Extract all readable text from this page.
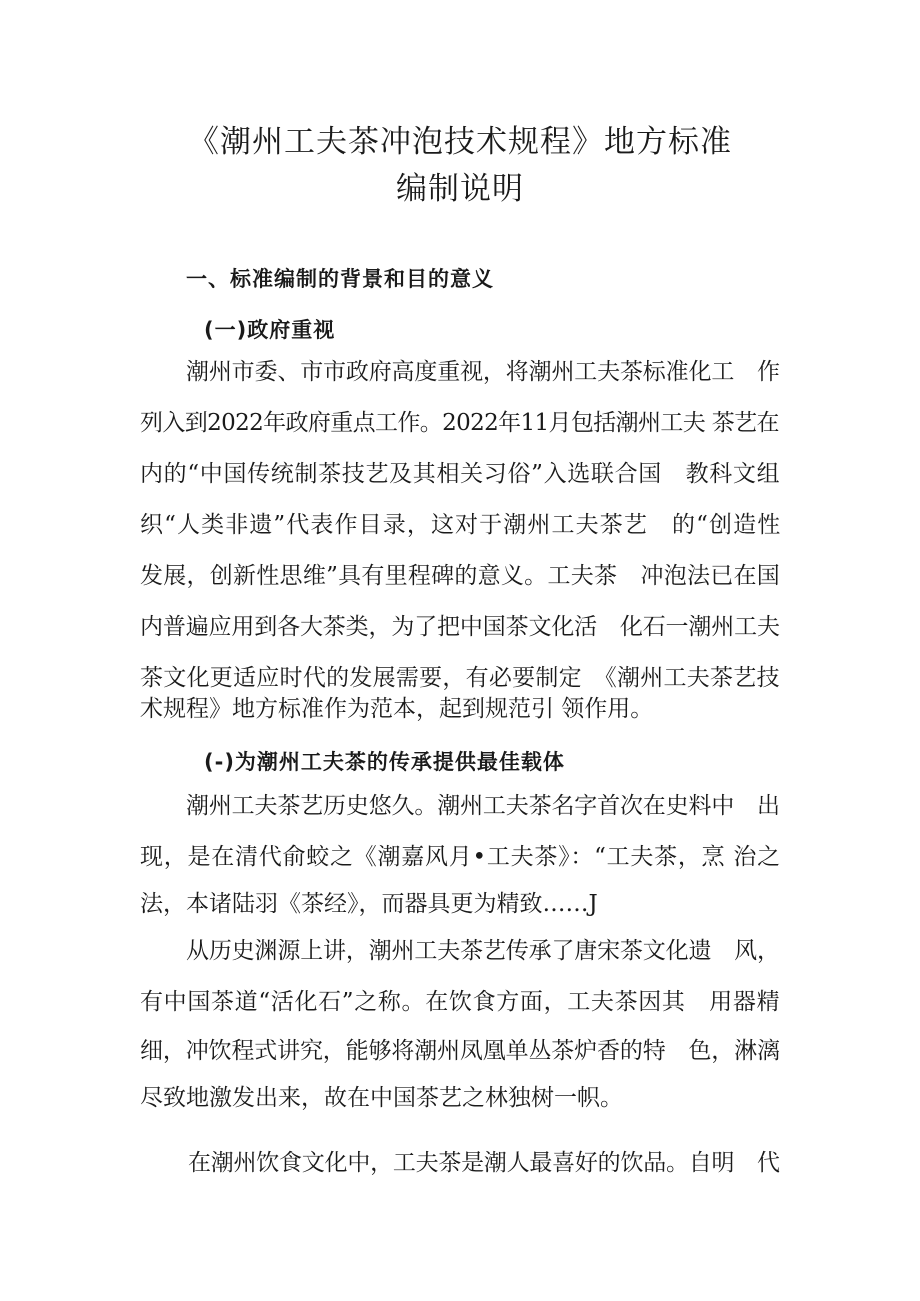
《潮州工夫茶冲泡技术规程》地方标准
编制说明
一、标准编制的背景和目的意义
(一)政府重视
潮州市委、市市政府高度重视，将潮州工夫茶标准化工　作
列入到2022年政府重点工作。2022年11月包括潮州工夫 茶艺在
内的“中国传统制茶技艺及其相关习俗”入选联合国　教科文组
织“人类非遗”代表作目录，这对于潮州工夫茶艺　的“创造性
发展，创新性思维”具有里程碑的意义。工夫茶　冲泡法已在国
内普遍应用到各大茶类，为了把中国茶文化活　化石一潮州工夫
茶文化更适应时代的发展需要，有必要制定　《潮州工夫茶艺技
术规程》地方标准作为范本，起到规范引 领作用。
(-)为潮州工夫茶的传承提供最佳载体
潮州工夫茶艺历史悠久。潮州工夫茶名字首次在史料中　出
现，是在清代俞蛟之《潮嘉风月•工夫茶》：“工夫茶，烹 治之
法，本诸陆羽《茶经》，而器具更为精致……J
从历史渊源上讲，潮州工夫茶艺传承了唐宋茶文化遗　风，
有中国茶道“活化石”之称。在饮食方面，工夫茶因其　用器精
细，冲饮程式讲究，能够将潮州凤凰单丛茶炉香的特　色，淋漓
尽致地激发出来，故在中国茶艺之林独树一帜。
在潮州饮食文化中，工夫茶是潮人最喜好的饮品。自明　代
